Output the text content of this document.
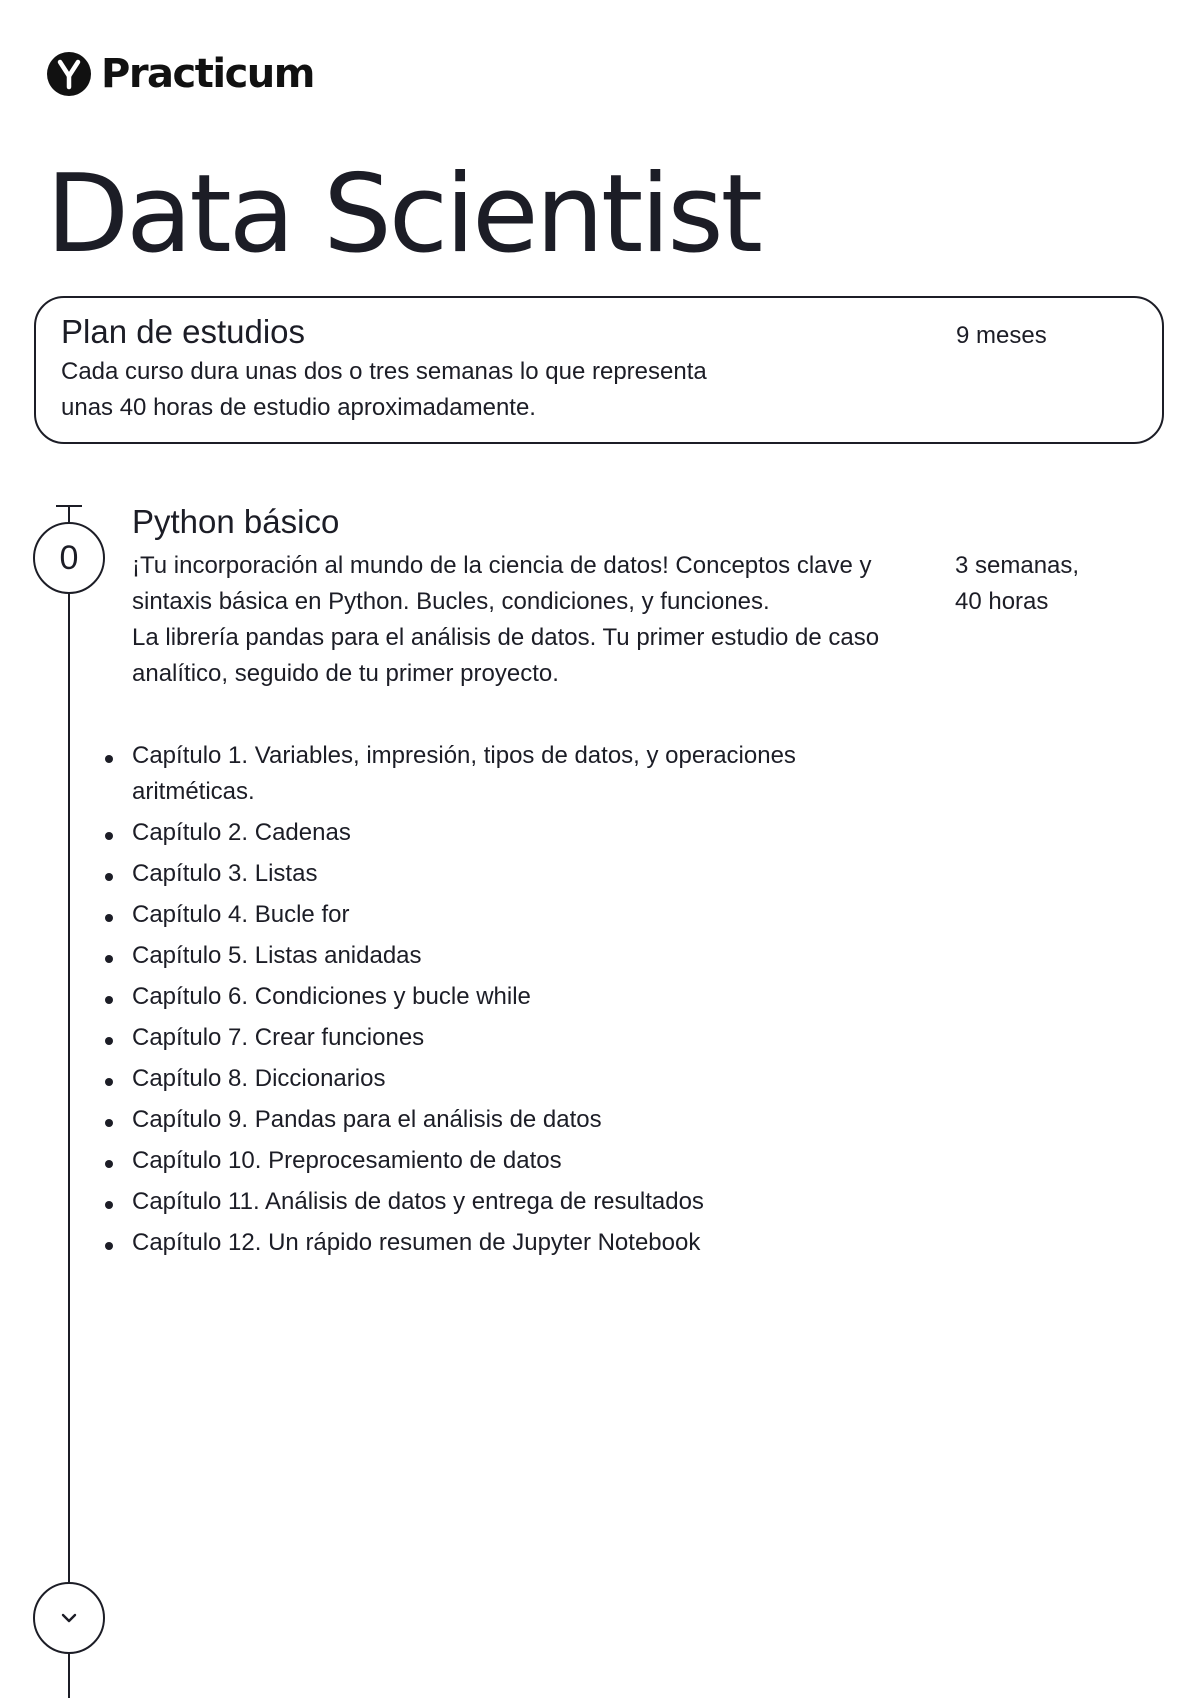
Practicum
Data Scientist
Plan de estudios
Cada curso dura unas dos o tres semanas lo que representa
unas 40 horas de estudio aproximadamente.
9 meses
0
Python básico

¡Tu incorporación al mundo de la ciencia de datos! Conceptos clave y sintaxis básica en Python. Bucles, condiciones, y funciones.

La librería pandas para el análisis de datos. Tu primer estudio de caso analítico, seguido de tu primer proyecto.

3 semanas,
40 horas
Capítulo 1. Variables, impresión, tipos de datos, y operaciones aritméticas.
Capítulo 2. Cadenas
Capítulo 3. Listas
Capítulo 4. Bucle for
Capítulo 5. Listas anidadas
Capítulo 6. Condiciones y bucle while
Capítulo 7. Crear funciones
Capítulo 8. Diccionarios
Capítulo 9. Pandas para el análisis de datos
Capítulo 10. Preprocesamiento de datos
Capítulo 11. Análisis de datos y entrega de resultados
Capítulo 12. Un rápido resumen de Jupyter Notebook
